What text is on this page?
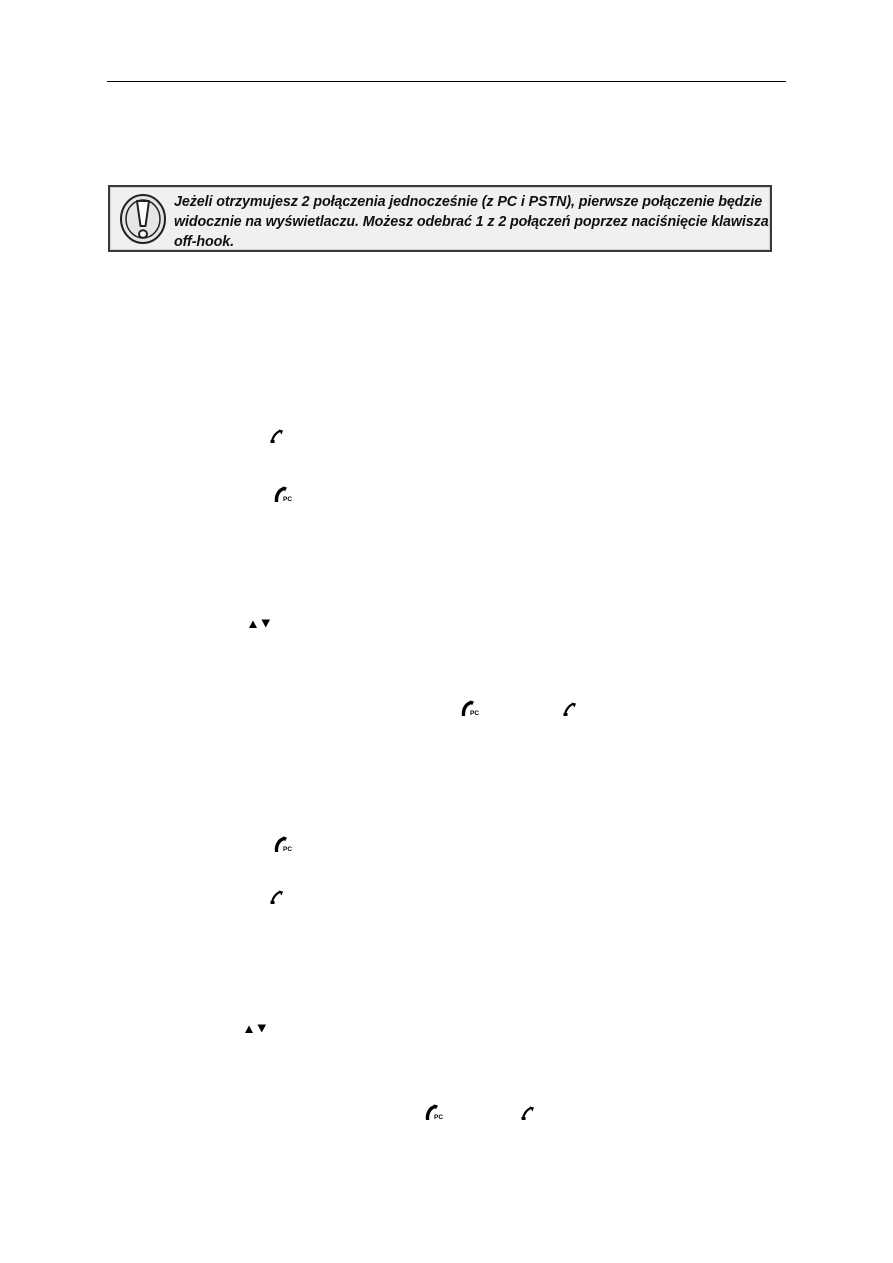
Jeżeli otrzymujesz 2 połączenia jednocześnie (z PC i PSTN), pierwsze połączenie będzie widocznie na wyświetlaczu. Możesz odebrać 1 z 2 połączeń poprzez naciśnięcie klawisza off-hook.
PC
PC
PC
PC
